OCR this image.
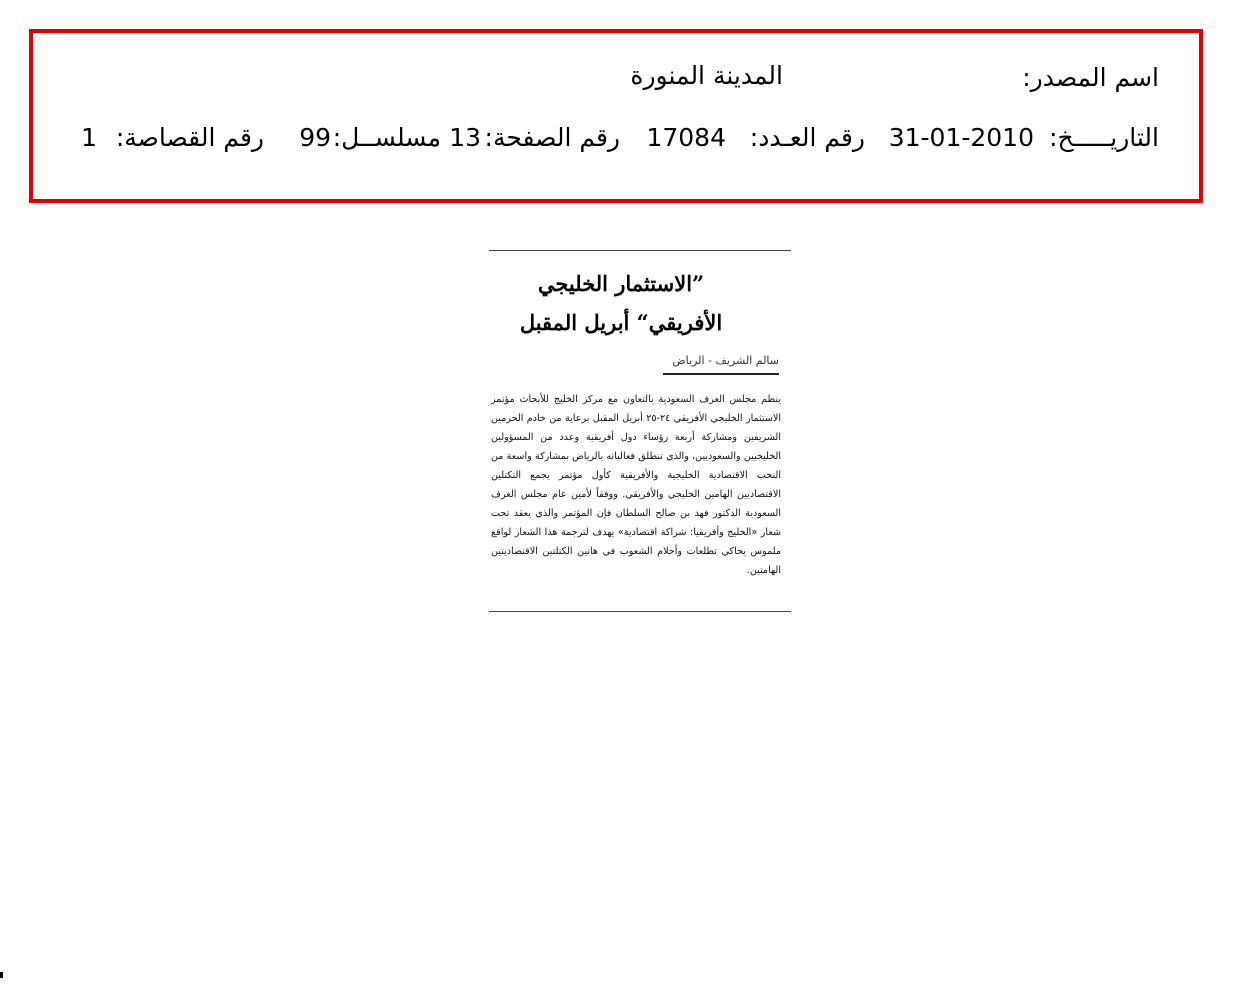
اسم المصدر:
المدينة المنورة
التاريـــــخ:
31-01-2010
رقم العـدد:
17084
رقم الصفحة:
13
مسلســل:
99
رقم القصاصة:
1
”الاستثمار الخليجي
الأفريقي“ أبريل المقبل
سالم الشريف - الرياض
ينظم مجلس الغرف السعودية بالتعاون مع مركز الخليج للأبحاث مؤتمر الاستثمار الخليجي الأفريقي ٢٤-٢٥ أبريل المقبل برعاية من خادم الحرمين الشريفين ومشاركة أربعة رؤساء دول أفريقية وعدد من المسؤولين الخليجيين والسعوديين، والذي تنطلق فعالياته بالرياض بمشاركة واسعة من النخب الاقتصادية الخليجية والأفريقية كأول مؤتمر يجمع التكتلين الاقتصاديين الهامين الخليجي والأفريقي. ووفقاً لأمين عام مجلس الغرف السعودية الدكتور فهد بن صالح السلطان فإن المؤتمر والذي يعقد تحت شعار «الخليج وأفريقيا: شراكة اقتصادية» يهدف لترجمة هذا الشعار لواقع ملموس يحاكي تطلعات وأحلام الشعوب في هاتين الكتلتين الاقتصاديتين الهامتين.
